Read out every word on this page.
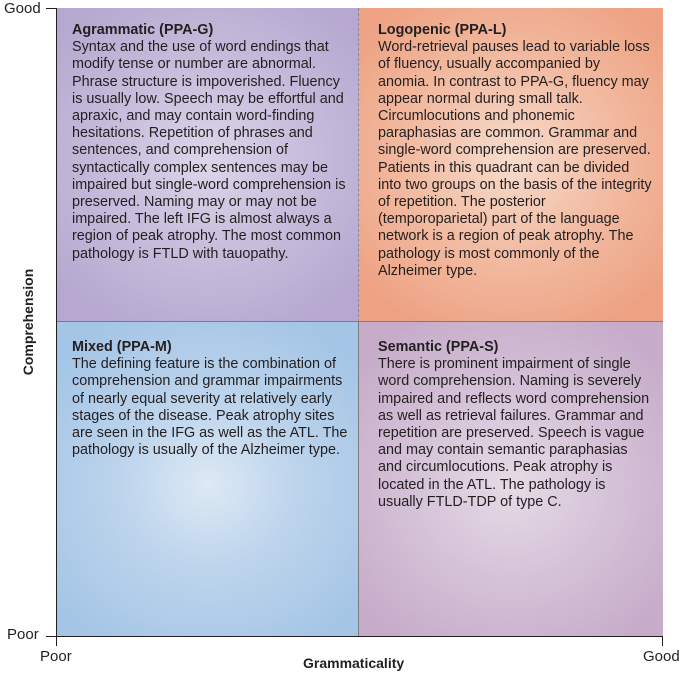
Good
Poor
Comprehension
Poor	Good
Grammaticality
Agrammatic (PPA-G)
Syntax and the use of word endings that modify tense or number are abnormal. Phrase structure is impoverished. Fluency is usually low. Speech may be effortful and apraxic, and may contain word-finding hesitations. Repetition of phrases and sentences, and comprehension of syntactically complex sentences may be impaired but single-word comprehension is preserved. Naming may or may not be impaired. The left IFG is almost always a region of peak atrophy. The most common pathology is FTLD with tauopathy.
Logopenic (PPA-L)
Word-retrieval pauses lead to variable loss of fluency, usually accompanied by anomia. In contrast to PPA-G, fluency may appear normal during small talk. Circumlocutions and phonemic paraphasias are common. Grammar and single-word comprehension are preserved. Patients in this quadrant can be divided into two groups on the basis of the integrity of repetition. The posterior (temporoparietal) part of the language network is a region of peak atrophy. The pathology is most commonly of the Alzheimer type.
Mixed (PPA-M)
The defining feature is the combination of comprehension and grammar impairments of nearly equal severity at relatively early stages of the disease. Peak atrophy sites are seen in the IFG as well as the ATL. The pathology is usually of the Alzheimer type.
Semantic (PPA-S)
There is prominent impairment of single word comprehension. Naming is severely impaired and reflects word comprehension as well as retrieval failures. Grammar and repetition are preserved. Speech is vague and may contain semantic paraphasias and circumlocutions. Peak atrophy is located in the ATL. The pathology is usually FTLD-TDP of type C.
